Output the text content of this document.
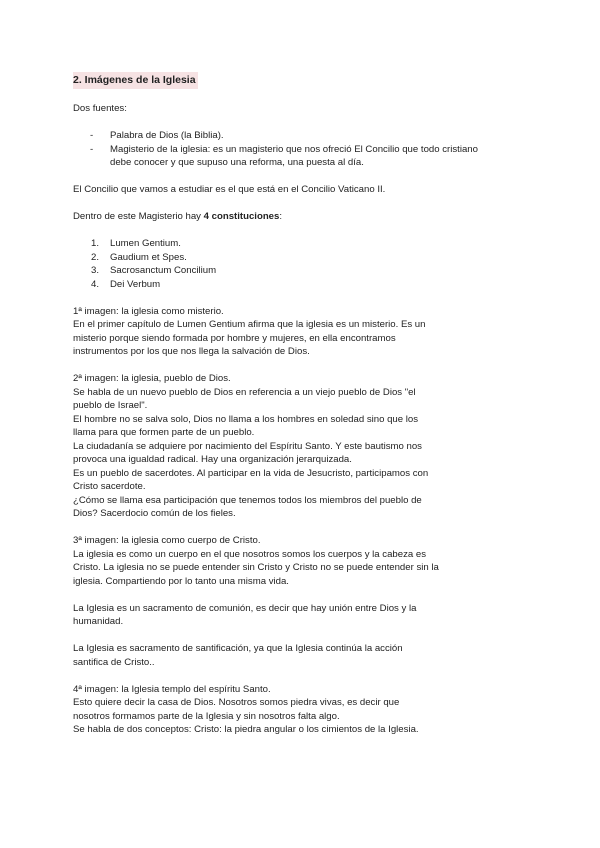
2. Imágenes de la Iglesia

Dos fuentes:

- Palabra de Dios (la Biblia).
- Magisterio de la iglesia: es un magisterio que nos ofreció El Concilio que todo cristiano
debe conocer y que supuso una reforma, una puesta al día.

El Concilio que vamos a estudiar es el que está en el Concilio Vaticano II.

Dentro de este Magisterio hay 4 constituciones:

1. Lumen Gentium.
2. Gaudium et Spes.
3. Sacrosanctum Concilium
4. Dei Verbum
1ª imagen: la iglesia como misterio.
En el primer capítulo de Lumen Gentium afirma que la iglesia es un misterio. Es un
misterio porque siendo formada por hombre y mujeres, en ella encontramos
instrumentos por los que nos llega la salvación de Dios.
2ª imagen: la iglesia, pueblo de Dios.
Se habla de un nuevo pueblo de Dios en referencia a un viejo pueblo de Dios "el
pueblo de Israel".
El hombre no se salva solo, Dios no llama a los hombres en soledad sino que los
llama para que formen parte de un pueblo.
La ciudadanía se adquiere por nacimiento del Espíritu Santo. Y este bautismo nos
provoca una igualdad radical. Hay una organización jerarquizada.
Es un pueblo de sacerdotes. Al participar en la vida de Jesucristo, participamos con
Cristo sacerdote.
¿Cómo se llama esa participación que tenemos todos los miembros del pueblo de
Dios? Sacerdocio común de los fieles.
3ª imagen: la iglesia como cuerpo de Cristo.
La iglesia es como un cuerpo en el que nosotros somos los cuerpos y la cabeza es
Cristo. La iglesia no se puede entender sin Cristo y Cristo no se puede entender sin la
iglesia. Compartiendo por lo tanto una misma vida.
La Iglesia es un sacramento de comunión, es decir que hay unión entre Dios y la
humanidad.
La Iglesia es sacramento de santificación, ya que la Iglesia continúa la acción
santifica de Cristo..
4ª imagen: la Iglesia templo del espíritu Santo.
Esto quiere decir la casa de Dios. Nosotros somos piedra vivas, es decir que
nosotros formamos parte de la Iglesia y sin nosotros falta algo.
Se habla de dos conceptos: Cristo: la piedra angular o los cimientos de la Iglesia.
